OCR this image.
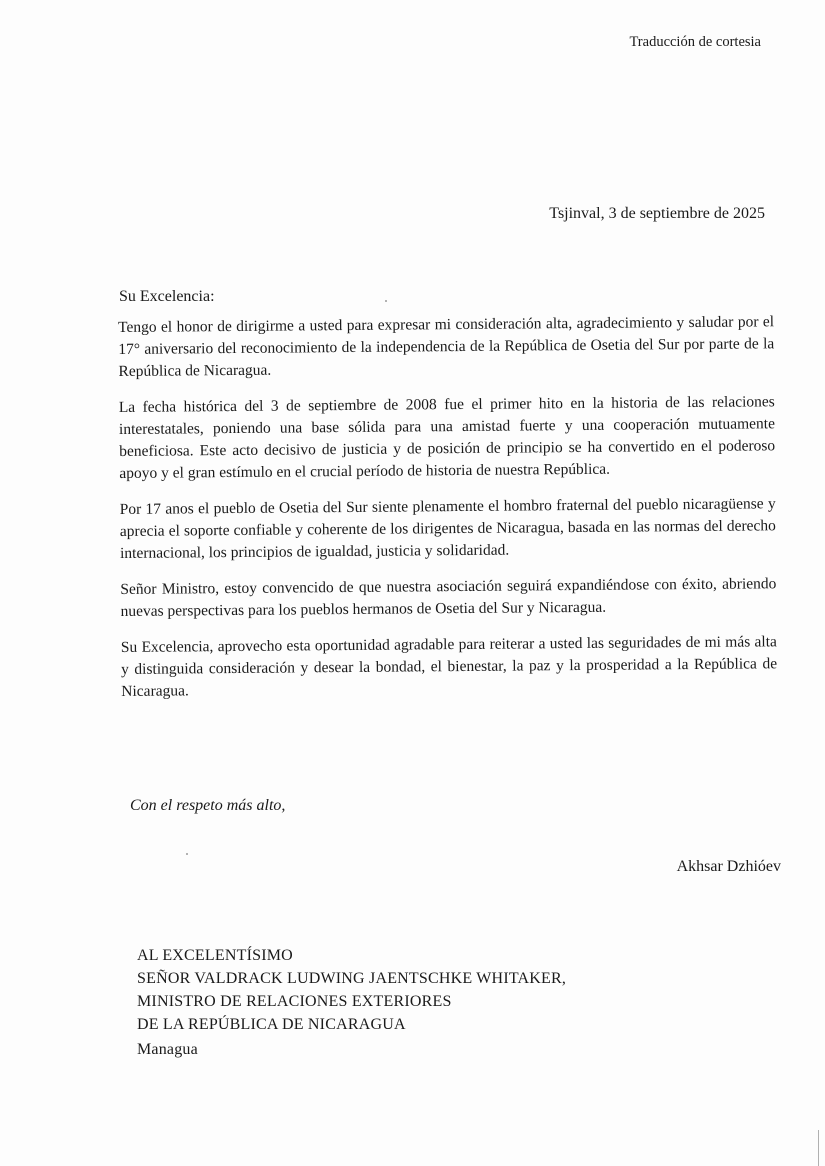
Traducción de cortesia
Tsjinval, 3 de septiembre de 2025
Su Excelencia:

Tengo el honor de dirigirme a usted para expresar mi consideración alta, agradecimiento y saludar por el 17° aniversario del reconocimiento de la independencia de la República de Osetia del Sur por parte de la República de Nicaragua.

La fecha histórica del 3 de septiembre de 2008 fue el primer hito en la historia de las relaciones interestatales, poniendo una base sólida para una amistad fuerte y una cooperación mutuamente beneficiosa. Este acto decisivo de justicia y de posición de principio se ha convertido en el poderoso apoyo y el gran estímulo en el crucial período de historia de nuestra República.

Por 17 anos el pueblo de Osetia del Sur siente plenamente el hombro fraternal del pueblo nicaragüense y aprecia el soporte confiable y coherente de los dirigentes de Nicaragua, basada en las normas del derecho internacional, los principios de igualdad, justicia y solidaridad.

Señor Ministro, estoy convencido de que nuestra asociación seguirá expandiéndose con éxito, abriendo nuevas perspectivas para los pueblos hermanos de Osetia del Sur y Nicaragua.

Su Excelencia, aprovecho esta oportunidad agradable para reiterar a usted las seguridades de mi más alta y distinguida consideración y desear la bondad, el bienestar, la paz y la prosperidad a la República de Nicaragua.

Con el respeto más alto,
Akhsar Dzhióev
AL EXCELENTÍSIMO
SEÑOR VALDRACK LUDWING JAENTSCHKE WHITAKER,
MINISTRO DE RELACIONES EXTERIORES
DE LA REPÚBLICA DE NICARAGUA
Managua
